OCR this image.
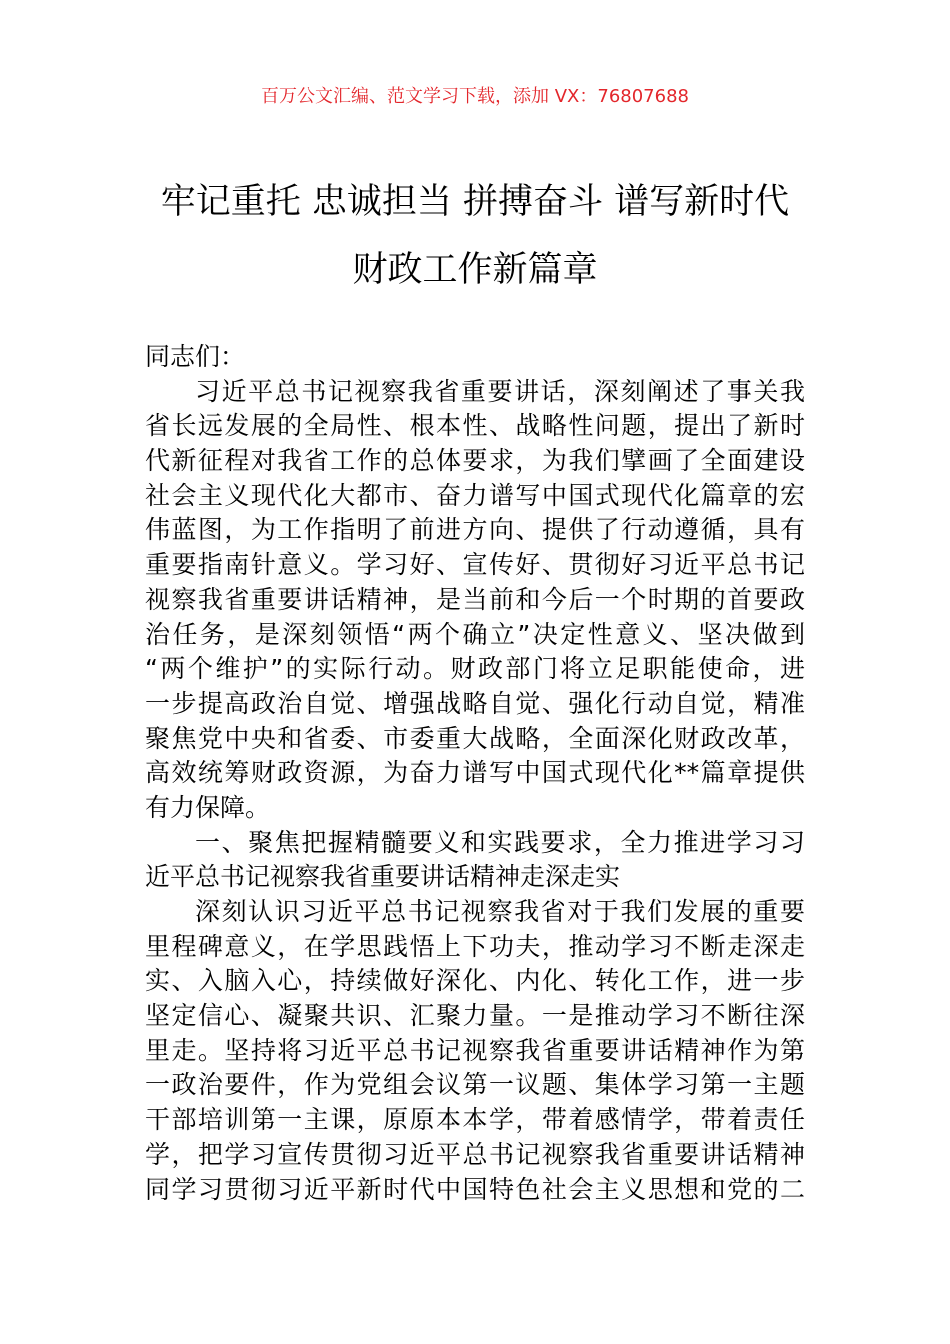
百万公文汇编、范文学习下载，添加 VX：76807688
牢记重托 忠诚担当 拼搏奋斗 谱写新时代
财政工作新篇章
同志们：
习近平总书记视察我省重要讲话，深刻阐述了事关我
省长远发展的全局性、根本性、战略性问题，提出了新时
代新征程对我省工作的总体要求，为我们擘画了全面建设
社会主义现代化大都市、奋力谱写中国式现代化篇章的宏
伟蓝图，为工作指明了前进方向、提供了行动遵循，具有
重要指南针意义。学习好、宣传好、贯彻好习近平总书记
视察我省重要讲话精神，是当前和今后一个时期的首要政
治任务，是深刻领悟“两个确立”决定性意义、坚决做到
“两个维护”的实际行动。财政部门将立足职能使命，进
一步提高政治自觉、增强战略自觉、强化行动自觉，精准
聚焦党中央和省委、市委重大战略，全面深化财政改革，
高效统筹财政资源，为奋力谱写中国式现代化**篇章提供
有力保障。
一、聚焦把握精髓要义和实践要求，全力推进学习习
近平总书记视察我省重要讲话精神走深走实
深刻认识习近平总书记视察我省对于我们发展的重要
里程碑意义，在学思践悟上下功夫，推动学习不断走深走
实、入脑入心，持续做好深化、内化、转化工作，进一步
坚定信心、凝聚共识、汇聚力量。一是推动学习不断往深
里走。坚持将习近平总书记视察我省重要讲话精神作为第
一政治要件，作为党组会议第一议题、集体学习第一主题
干部培训第一主课，原原本本学，带着感情学，带着责任
学，把学习宣传贯彻习近平总书记视察我省重要讲话精神
同学习贯彻习近平新时代中国特色社会主义思想和党的二
